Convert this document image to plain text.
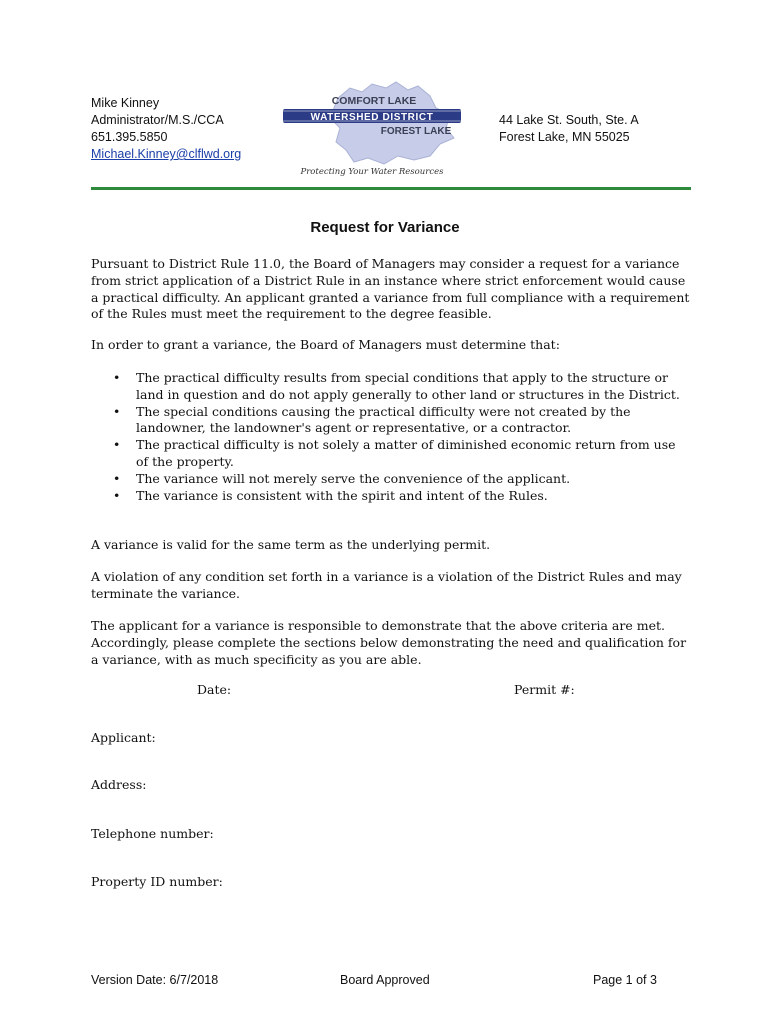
Mike Kinney
Administrator/M.S./CCA
651.395.5850
Michael.Kinney@clflwd.org
COMFORT LAKE
WATERSHED DISTRICT
FOREST LAKE
Protecting Your Water Resources
44 Lake St. South, Ste. A
Forest Lake, MN 55025
Request for Variance

Pursuant to District Rule 11.0, the Board of Managers may consider a request for a variance from strict application of a District Rule in an instance where strict enforcement would cause a practical difficulty. An applicant granted a variance from full compliance with a requirement of the Rules must meet the requirement to the degree feasible.

In order to grant a variance, the Board of Managers must determine that:

• The practical difficulty results from special conditions that apply to the structure or land in question and do not apply generally to other land or structures in the District.
• The special conditions causing the practical difficulty were not created by the landowner, the landowner's agent or representative, or a contractor.
• The practical difficulty is not solely a matter of diminished economic return from use of the property.
• The variance will not merely serve the convenience of the applicant.
• The variance is consistent with the spirit and intent of the Rules.

A variance is valid for the same term as the underlying permit.

A violation of any condition set forth in a variance is a violation of the District Rules and may terminate the variance.

The applicant for a variance is responsible to demonstrate that the above criteria are met. Accordingly, please complete the sections below demonstrating the need and qualification for a variance, with as much specificity as you are able.

Date:	Permit #:
Applicant:
Address:
Telephone number:
Property ID number:
Version Date: 6/7/2018	Board Approved	Page 1 of 3
